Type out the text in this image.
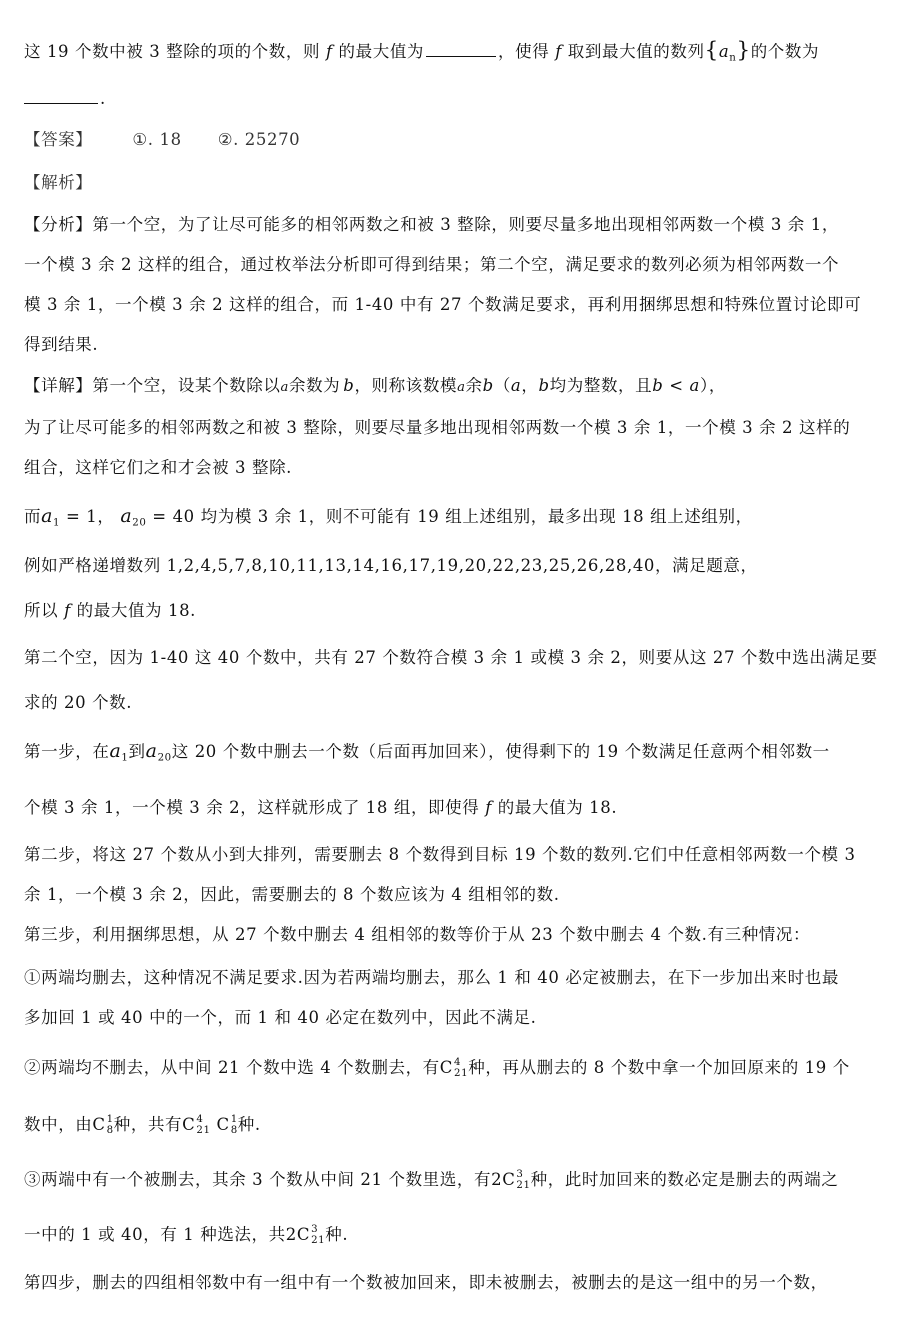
这 19 个数中被 3 整除的项的个数，则 f 的最大值为	，使得 f 取到最大值的数列$\{a_n\}$的个数为
.
【答案】 ①. 18 ②. 25270
【解析】
【分析】第一个空，为了让尽可能多的相邻两数之和被 3 整除，则要尽量多地出现相邻两数一个模 3 余 1，
一个模 3 余 2 这样的组合，通过枚举法分析即可得到结果；第二个空，满足要求的数列必须为相邻两数一个
模 3 余 1，一个模 3 余 2 这样的组合，而 1-40 中有 27 个数满足要求，再利用捆绑思想和特殊位置讨论即可
得到结果.
【详解】第一个空，设某个数除以a余数为 b，则称该数模a余b（a，b均为整数，且b < a），
为了让尽可能多的相邻两数之和被 3 整除，则要尽量多地出现相邻两数一个模 3 余 1，一个模 3 余 2 这样的
组合，这样它们之和才会被 3 整除.
而$a_1 = 1$， $a_{20} = 40$ 均为模 3 余 1，则不可能有 19 组上述组别，最多出现 18 组上述组别，
例如严格递增数列 1,2,4,5,7,8,10,11,13,14,16,17,19,20,22,23,25,26,28,40，满足题意，
所以 f 的最大值为 18.
第二个空，因为 1-40 这 40 个数中，共有 27 个数符合模 3 余 1 或模 3 余 2，则要从这 27 个数中选出满足要
求的 20 个数.
第一步，在$a_1$到$a_{20}$这 20 个数中删去一个数（后面再加回来），使得剩下的 19 个数满足任意两个相邻数一
个模 3 余 1，一个模 3 余 2，这样就形成了 18 组，即使得 f 的最大值为 18.
第二步，将这 27 个数从小到大排列，需要删去 8 个数得到目标 19 个数的数列.它们中任意相邻两数一个模 3
余 1，一个模 3 余 2，因此，需要删去的 8 个数应该为 4 组相邻的数.
第三步，利用捆绑思想，从 27 个数中删去 4 组相邻的数等价于从 23 个数中删去 4 个数.有三种情况：
①两端均删去，这种情况不满足要求.因为若两端均删去，那么 1 和 40 必定被删去，在下一步加出来时也最
多加回 1 或 40 中的一个，而 1 和 40 必定在数列中，因此不满足.
②两端均不删去，从中间 21 个数中选 4 个数删去，有C 4
21 种，再从删去的 8 个数中拿一个加回原来的 19 个
数中，由C 1
8 种，共有C 4
21 C 1
8 种.
③两端中有一个被删去，其余 3 个数从中间 21 个数里选，有2C 3
21 种，此时加回来的数必定是删去的两端之
一中的 1 或 40，有 1 种选法，共2C 3
21 种.
第四步，删去的四组相邻数中有一组中有一个数被加回来，即未被删去，被删去的是这一组中的另一个数，
